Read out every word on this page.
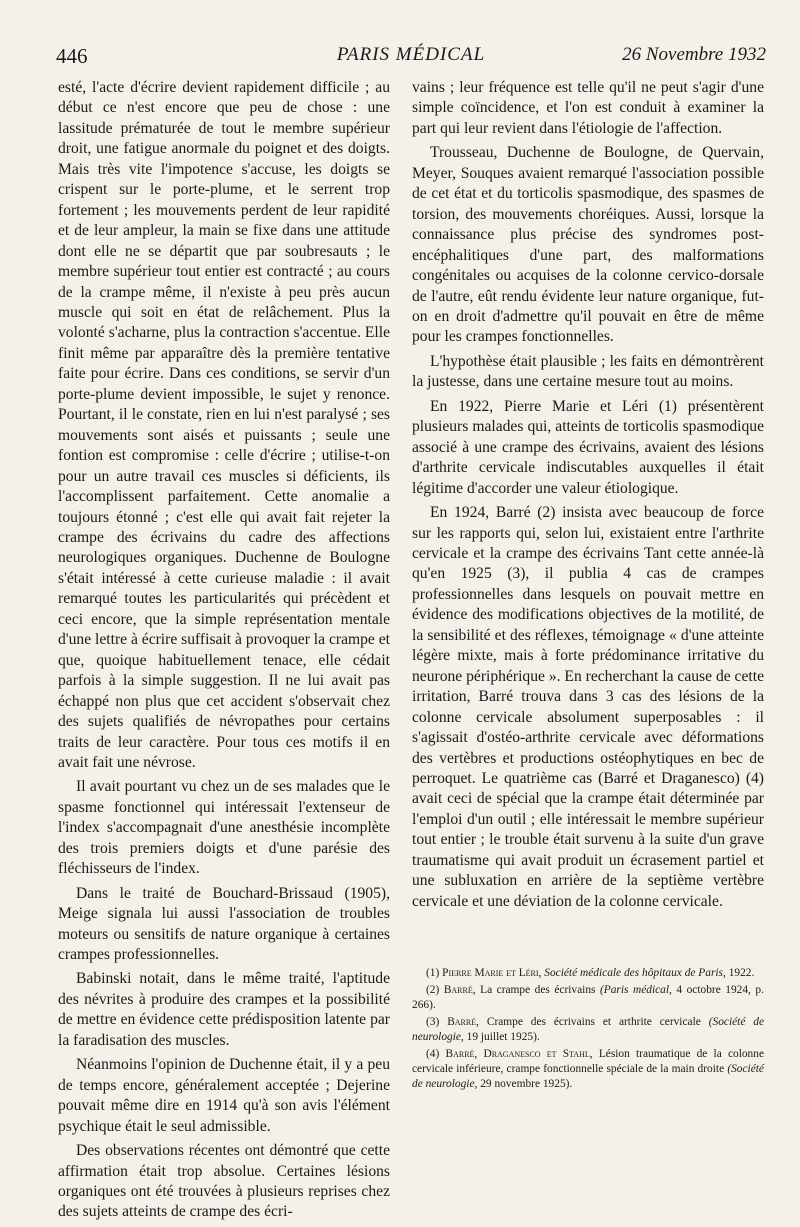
446	PARIS MÉDICAL	26 Novembre 1932

esté, l'acte d'écrire devient rapidement difficile ; au début ce n'est encore que peu de chose : une lassitude prématurée de tout le membre supérieur droit, une fatigue anormale du poignet et des doigts. Mais très vite l'impotence s'accuse, les doigts se crispent sur le porte-plume, et le serrent trop fortement ; les mouvements perdent de leur rapidité et de leur ampleur, la main se fixe dans une attitude dont elle ne se départit que par soubresauts ; le membre supérieur tout entier est contracté ; au cours de la crampe même, il n'existe à peu près aucun muscle qui soit en état de relâchement. Plus la volonté s'acharne, plus la contraction s'accentue. Elle finit même par apparaître dès la première tentative faite pour écrire. Dans ces conditions, se servir d'un porte-plume devient impossible, le sujet y renonce. Pourtant, il le constate, rien en lui n'est paralysé ; ses mouvements sont aisés et puissants ; seule une fontion est compromise : celle d'écrire ; utilise-t-on pour un autre travail ces muscles si déficients, ils l'accomplissent parfaitement. Cette anomalie a toujours étonné ; c'est elle qui avait fait rejeter la crampe des écrivains du cadre des affections neurologiques organiques. Duchenne de Boulogne s'était intéressé à cette curieuse maladie : il avait remarqué toutes les particularités qui précèdent et ceci encore, que la simple représentation mentale d'une lettre à écrire suffisait à provoquer la crampe et que, quoique habituellement tenace, elle cédait parfois à la simple suggestion. Il ne lui avait pas échappé non plus que cet accident s'observait chez des sujets qualifiés de névropathes pour certains traits de leur caractère. Pour tous ces motifs il en avait fait une névrose.

Il avait pourtant vu chez un de ses malades que le spasme fonctionnel qui intéressait l'extenseur de l'index s'accompagnait d'une anesthésie incomplète des trois premiers doigts et d'une parésie des fléchisseurs de l'index.

Dans le traité de Bouchard-Brissaud (1905), Meige signala lui aussi l'association de troubles moteurs ou sensitifs de nature organique à certaines crampes professionnelles.

Babinski notait, dans le même traité, l'aptitude des névrites à produire des crampes et la possibilité de mettre en évidence cette prédisposition latente par la faradisation des muscles.

Néanmoins l'opinion de Duchenne était, il y a peu de temps encore, généralement acceptée ; Dejerine pouvait même dire en 1914 qu'à son avis l'élément psychique était le seul admissible.

Des observations récentes ont démontré que cette affirmation était trop absolue. Certaines lésions organiques ont été trouvées à plusieurs reprises chez des sujets atteints de crampe des écri-

vains ; leur fréquence est telle qu'il ne peut s'agir d'une simple coïncidence, et l'on est conduit à examiner la part qui leur revient dans l'étiologie de l'affection.

Trousseau, Duchenne de Boulogne, de Quervain, Meyer, Souques avaient remarqué l'association possible de cet état et du torticolis spasmodique, des spasmes de torsion, des mouvements choréiques. Aussi, lorsque la connaissance plus précise des syndromes post-encéphalitiques d'une part, des malformations congénitales ou acquises de la colonne cervico-dorsale de l'autre, eût rendu évidente leur nature organique, fut-on en droit d'admettre qu'il pouvait en être de même pour les crampes fonctionnelles.

L'hypothèse était plausible ; les faits en démontrèrent la justesse, dans une certaine mesure tout au moins.

En 1922, Pierre Marie et Léri (1) présentèrent plusieurs malades qui, atteints de torticolis spasmodique associé à une crampe des écrivains, avaient des lésions d'arthrite cervicale indiscutables auxquelles il était légitime d'accorder une valeur étiologique.

En 1924, Barré (2) insista avec beaucoup de force sur les rapports qui, selon lui, existaient entre l'arthrite cervicale et la crampe des écrivains Tant cette année-là qu'en 1925 (3), il publia 4 cas de crampes professionnelles dans lesquels on pouvait mettre en évidence des modifications objectives de la motilité, de la sensibilité et des réflexes, témoignage « d'une atteinte légère mixte, mais à forte prédominance irritative du neurone périphérique ». En recherchant la cause de cette irritation, Barré trouva dans 3 cas des lésions de la colonne cervicale absolument superposables : il s'agissait d'ostéo-arthrite cervicale avec déformations des vertèbres et productions ostéophytiques en bec de perroquet. Le quatrième cas (Barré et Draganesco) (4) avait ceci de spécial que la crampe était déterminée par l'emploi d'un outil ; elle intéressait le membre supérieur tout entier ; le trouble était survenu à la suite d'un grave traumatisme qui avait produit un écrasement partiel et une subluxation en arrière de la septième vertèbre cervicale et une déviation de la colonne cervicale.

(1) Pierre Marie et Léri, Société médicale des hôpitaux de Paris, 1922.

(2) Barré, La crampe des écrivains (Paris médical, 4 octobre 1924, p. 266).

(3) Barré, Crampe des écrivains et arthrite cervicale (Société de neurologie, 19 juillet 1925).

(4) Barré, Draganesco et Stahl, Lésion traumatique de la colonne cervicale inférieure, crampe fonctionnelle spéciale de la main droite (Société de neurologie, 29 novembre 1925).
